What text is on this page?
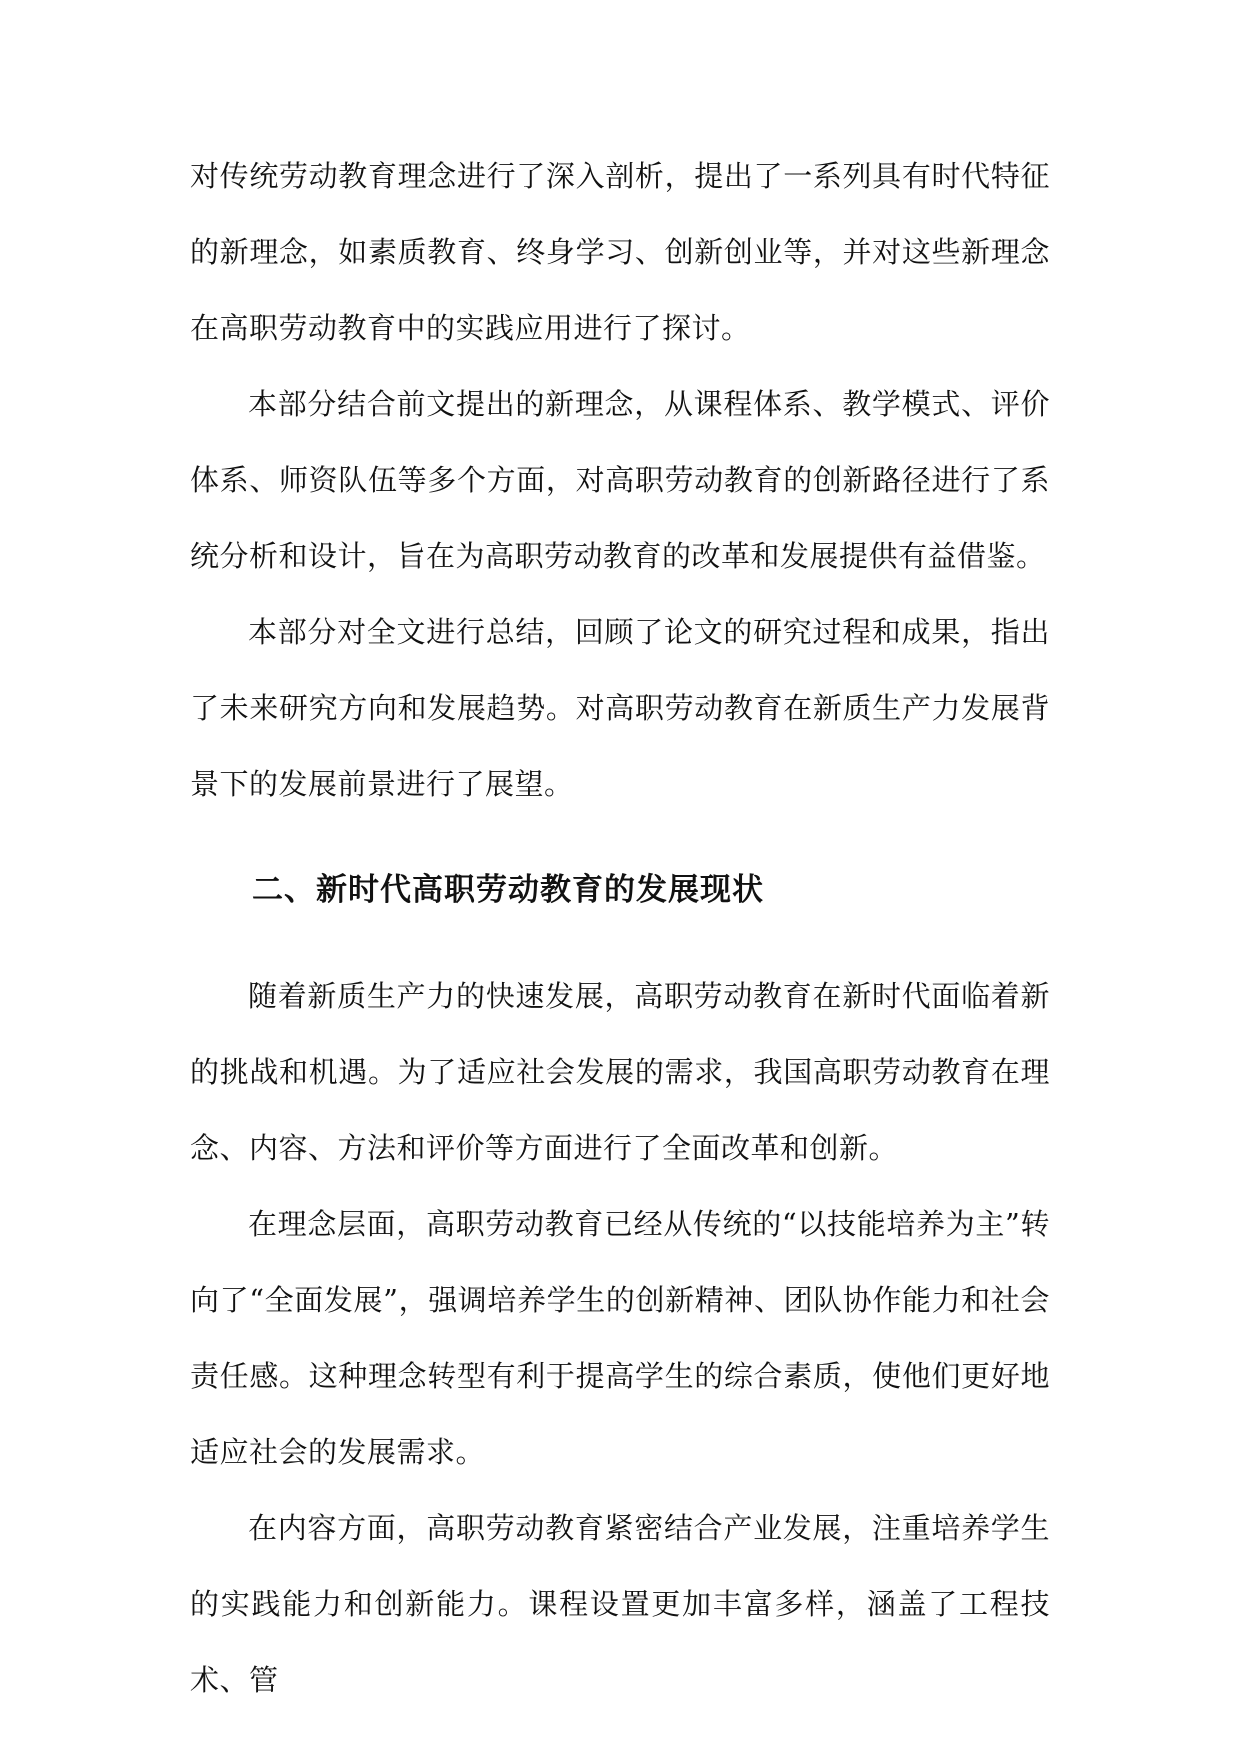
对传统劳动教育理念进行了深入剖析，提出了一系列具有时代特征的新理念，如素质教育、终身学习、创新创业等，并对这些新理念在高职劳动教育中的实践应用进行了探讨。

本部分结合前文提出的新理念，从课程体系、教学模式、评价体系、师资队伍等多个方面，对高职劳动教育的创新路径进行了系统分析和设计，旨在为高职劳动教育的改革和发展提供有益借鉴。

本部分对全文进行总结，回顾了论文的研究过程和成果，指出了未来研究方向和发展趋势。对高职劳动教育在新质生产力发展背景下的发展前景进行了展望。

二、新时代高职劳动教育的发展现状

随着新质生产力的快速发展，高职劳动教育在新时代面临着新的挑战和机遇。为了适应社会发展的需求，我国高职劳动教育在理念、内容、方法和评价等方面进行了全面改革和创新。

在理念层面，高职劳动教育已经从传统的“以技能培养为主”转向了“全面发展”，强调培养学生的创新精神、团队协作能力和社会责任感。这种理念转型有利于提高学生的综合素质，使他们更好地适应社会的发展需求。

在内容方面，高职劳动教育紧密结合产业发展，注重培养学生的实践能力和创新能力。课程设置更加丰富多样，涵盖了工程技术、管
